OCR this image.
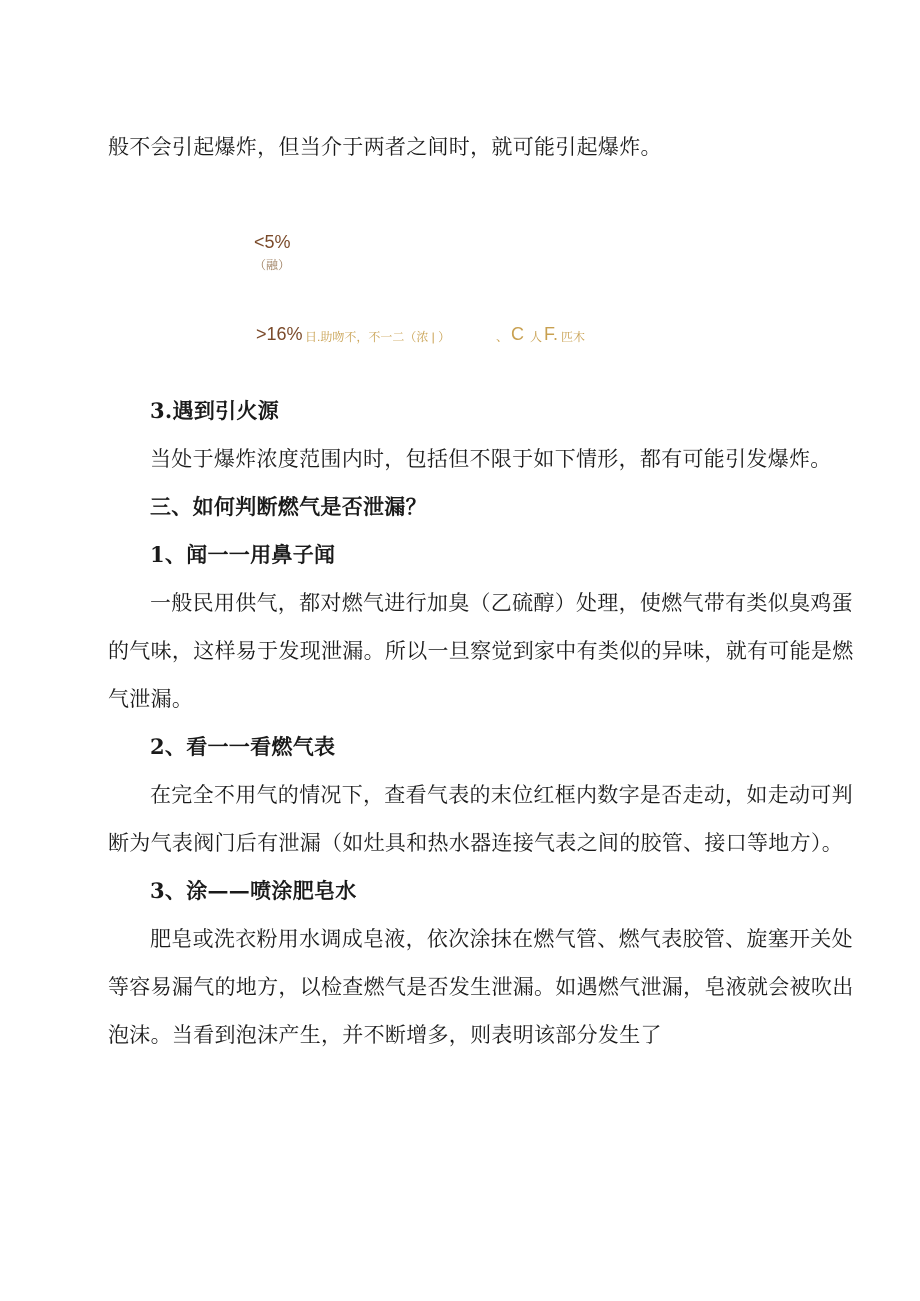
般不会引起爆炸，但当介于两者之间时，就可能引起爆炸。
<5%
（融）
>16% 日.助吻不，不一二（浓 | ）	、 C 人 F. 匹木
3.遇到引火源
当处于爆炸浓度范围内时，包括但不限于如下情形，都有可能引发爆炸。
三、如何判断燃气是否泄漏？
1、闻一一用鼻子闻
一般民用供气，都对燃气进行加臭（乙硫醇）处理，使燃气带有类似臭鸡蛋
的气味，这样易于发现泄漏。所以一旦察觉到家中有类似的异味，就有可能是燃
气泄漏。
2、看一一看燃气表
在完全不用气的情况下，查看气表的末位红框内数字是否走动，如走动可判
断为气表阀门后有泄漏（如灶具和热水器连接气表之间的胶管、接口等地方）。
3、涂——喷涂肥皂水
肥皂或洗衣粉用水调成皂液，依次涂抹在燃气管、燃气表胶管、旋塞开关处
等容易漏气的地方，以检查燃气是否发生泄漏。如遇燃气泄漏，皂液就会被吹出
泡沫。当看到泡沫产生，并不断增多，则表明该部分发生了
